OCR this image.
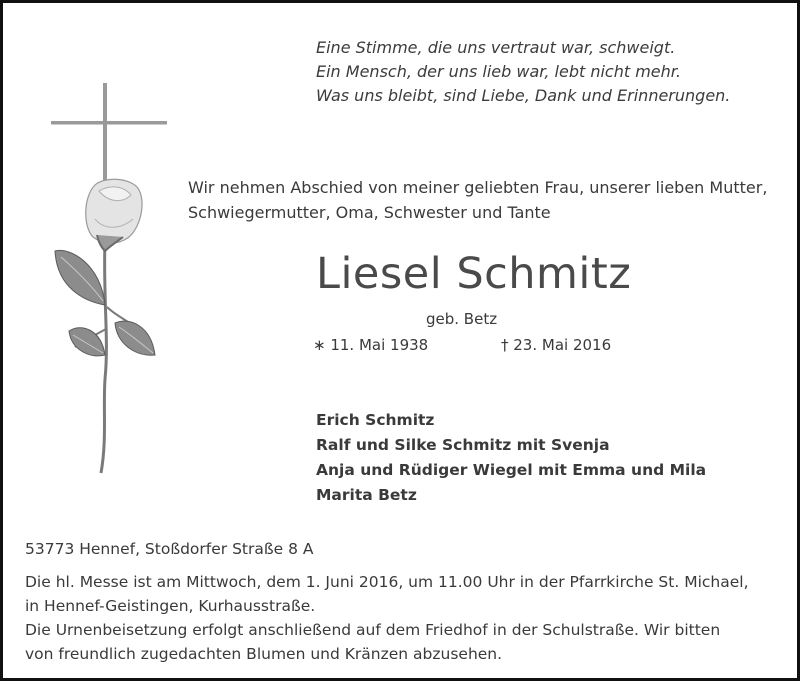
Eine Stimme, die uns vertraut war, schweigt.
Ein Mensch, der uns lieb war, lebt nicht mehr.
Was uns bleibt, sind Liebe, Dank und Erinnerungen.
Wir nehmen Abschied von meiner geliebten Frau, unserer lieben Mutter,
Schwiegermutter, Oma, Schwester und Tante
Liesel Schmitz
geb. Betz
∗ 11. Mai 1938	† 23. Mai 2016
Erich Schmitz
Ralf und Silke Schmitz mit Svenja
Anja und Rüdiger Wiegel mit Emma und Mila
Marita Betz
53773 Hennef, Stoßdorfer Straße 8 A
Die hl. Messe ist am Mittwoch, dem 1. Juni 2016, um 11.00 Uhr in der Pfarrkirche St. Michael,
in Hennef-Geistingen, Kurhausstraße.
Die Urnenbeisetzung erfolgt anschließend auf dem Friedhof in der Schulstraße. Wir bitten
von freundlich zugedachten Blumen und Kränzen abzusehen.
